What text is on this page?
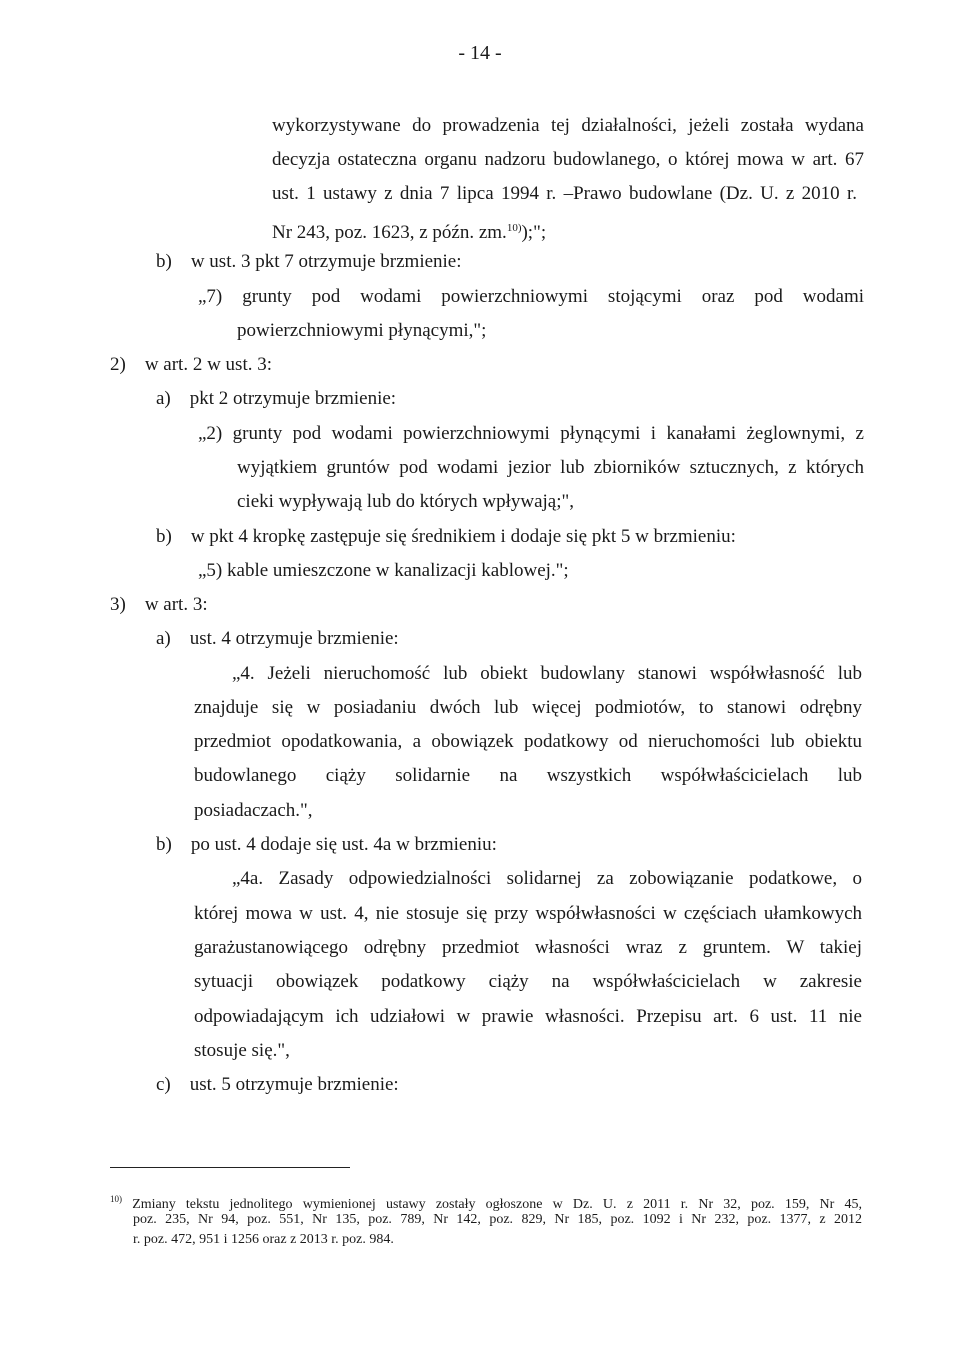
- 14 -
wykorzystywane do prowadzenia tej działalności, jeżeli została wydana
decyzja ostateczna organu nadzoru budowlanego, o której mowa w art. 67
ust. 1 ustawy z dnia 7 lipca 1994 r. –Prawo budowlane (Dz. U. z 2010 r.
Nr 243, poz. 1623, z późn. zm.$^{10)}$);";
b)    w ust. 3 pkt 7 otrzymuje brzmienie:
„7) grunty pod wodami powierzchniowymi stojącymi oraz pod wodami
powierzchniowymi płynącymi,";
2)    w art. 2 w ust. 3:
a)    pkt 2 otrzymuje brzmienie:
„2) grunty pod wodami powierzchniowymi płynącymi i kanałami żeglownymi, z
wyjątkiem gruntów pod wodami jezior lub zbiorników sztucznych, z których
cieki wypływają lub do których wpływają;",
b)    w pkt 4 kropkę zastępuje się średnikiem i dodaje się pkt 5 w brzmieniu:
„5) kable umieszczone w kanalizacji kablowej.";
3)    w art. 3:
a)    ust. 4 otrzymuje brzmienie:
„4. Jeżeli nieruchomość lub obiekt budowlany stanowi współwłasność lub
znajduje się w posiadaniu dwóch lub więcej podmiotów, to stanowi odrębny
przedmiot opodatkowania, a obowiązek podatkowy od nieruchomości lub obiektu
budowlanego ciąży solidarnie na wszystkich współwłaścicielach lub
posiadaczach.",
b)    po ust. 4 dodaje się ust. 4a w brzmieniu:
„4a. Zasady odpowiedzialności solidarnej za zobowiązanie podatkowe, o
której mowa w ust. 4, nie stosuje się przy współwłasności w częściach ułamkowych
garażustanowiącego odrębny przedmiot własności wraz z gruntem. W takiej
sytuacji obowiązek podatkowy ciąży na współwłaścicielach w zakresie
odpowiadającym ich udziałowi w prawie własności. Przepisu art. 6 ust. 11 nie
stosuje się.",
c)    ust. 5 otrzymuje brzmienie:
$^{10)}$ Zmiany tekstu jednolitego wymienionej ustawy zostały ogłoszone w Dz. U. z 2011 r. Nr 32, poz. 159, Nr 45,
poz. 235, Nr 94, poz. 551, Nr 135, poz. 789, Nr 142, poz. 829, Nr 185, poz. 1092 i Nr 232, poz. 1377, z 2012
r. poz. 472, 951 i 1256 oraz z 2013 r. poz. 984.
